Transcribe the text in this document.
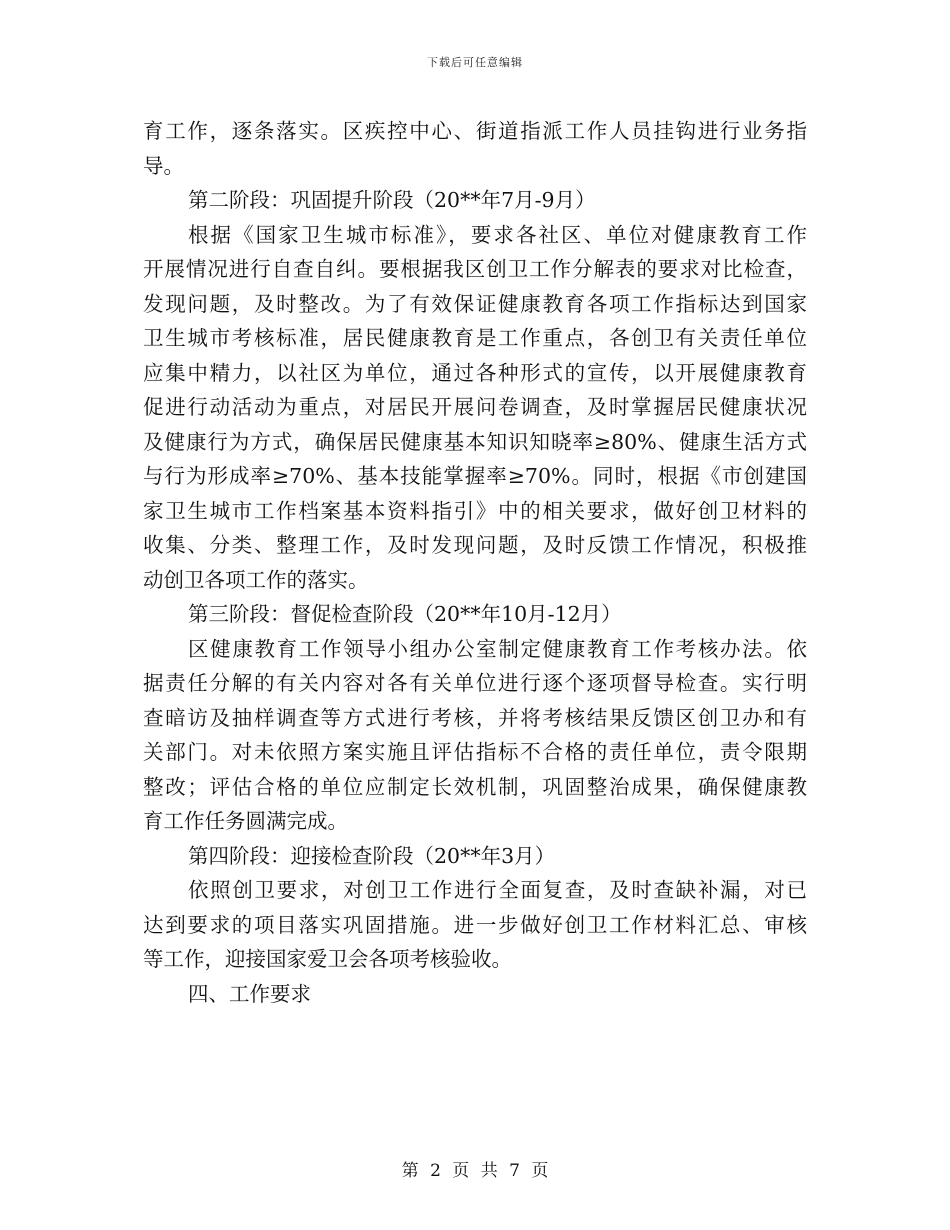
下载后可任意编辑
育工作，逐条落实。区疾控中心、街道指派工作人员挂钩进行业务指
导。
第二阶段：巩固提升阶段（20**年7月-9月）
根据《国家卫生城市标准》，要求各社区、单位对健康教育工作
开展情况进行自查自纠。要根据我区创卫工作分解表的要求对比检查，
发现问题，及时整改。为了有效保证健康教育各项工作指标达到国家
卫生城市考核标准，居民健康教育是工作重点，各创卫有关责任单位
应集中精力，以社区为单位，通过各种形式的宣传，以开展健康教育
促进行动活动为重点，对居民开展问卷调查，及时掌握居民健康状况
及健康行为方式，确保居民健康基本知识知晓率≥80%、健康生活方式
与行为形成率≥70%、基本技能掌握率≥70%。同时，根据《市创建国
家卫生城市工作档案基本资料指引》中的相关要求，做好创卫材料的
收集、分类、整理工作，及时发现问题，及时反馈工作情况，积极推
动创卫各项工作的落实。
第三阶段：督促检查阶段（20**年10月-12月）
区健康教育工作领导小组办公室制定健康教育工作考核办法。依
据责任分解的有关内容对各有关单位进行逐个逐项督导检查。实行明
查暗访及抽样调查等方式进行考核，并将考核结果反馈区创卫办和有
关部门。对未依照方案实施且评估指标不合格的责任单位，责令限期
整改；评估合格的单位应制定长效机制，巩固整治成果，确保健康教
育工作任务圆满完成。
第四阶段：迎接检查阶段（20**年3月）
依照创卫要求，对创卫工作进行全面复查，及时查缺补漏，对已
达到要求的项目落实巩固措施。进一步做好创卫工作材料汇总、审核
等工作，迎接国家爱卫会各项考核验收。
四、工作要求
第 2 页 共 7 页
